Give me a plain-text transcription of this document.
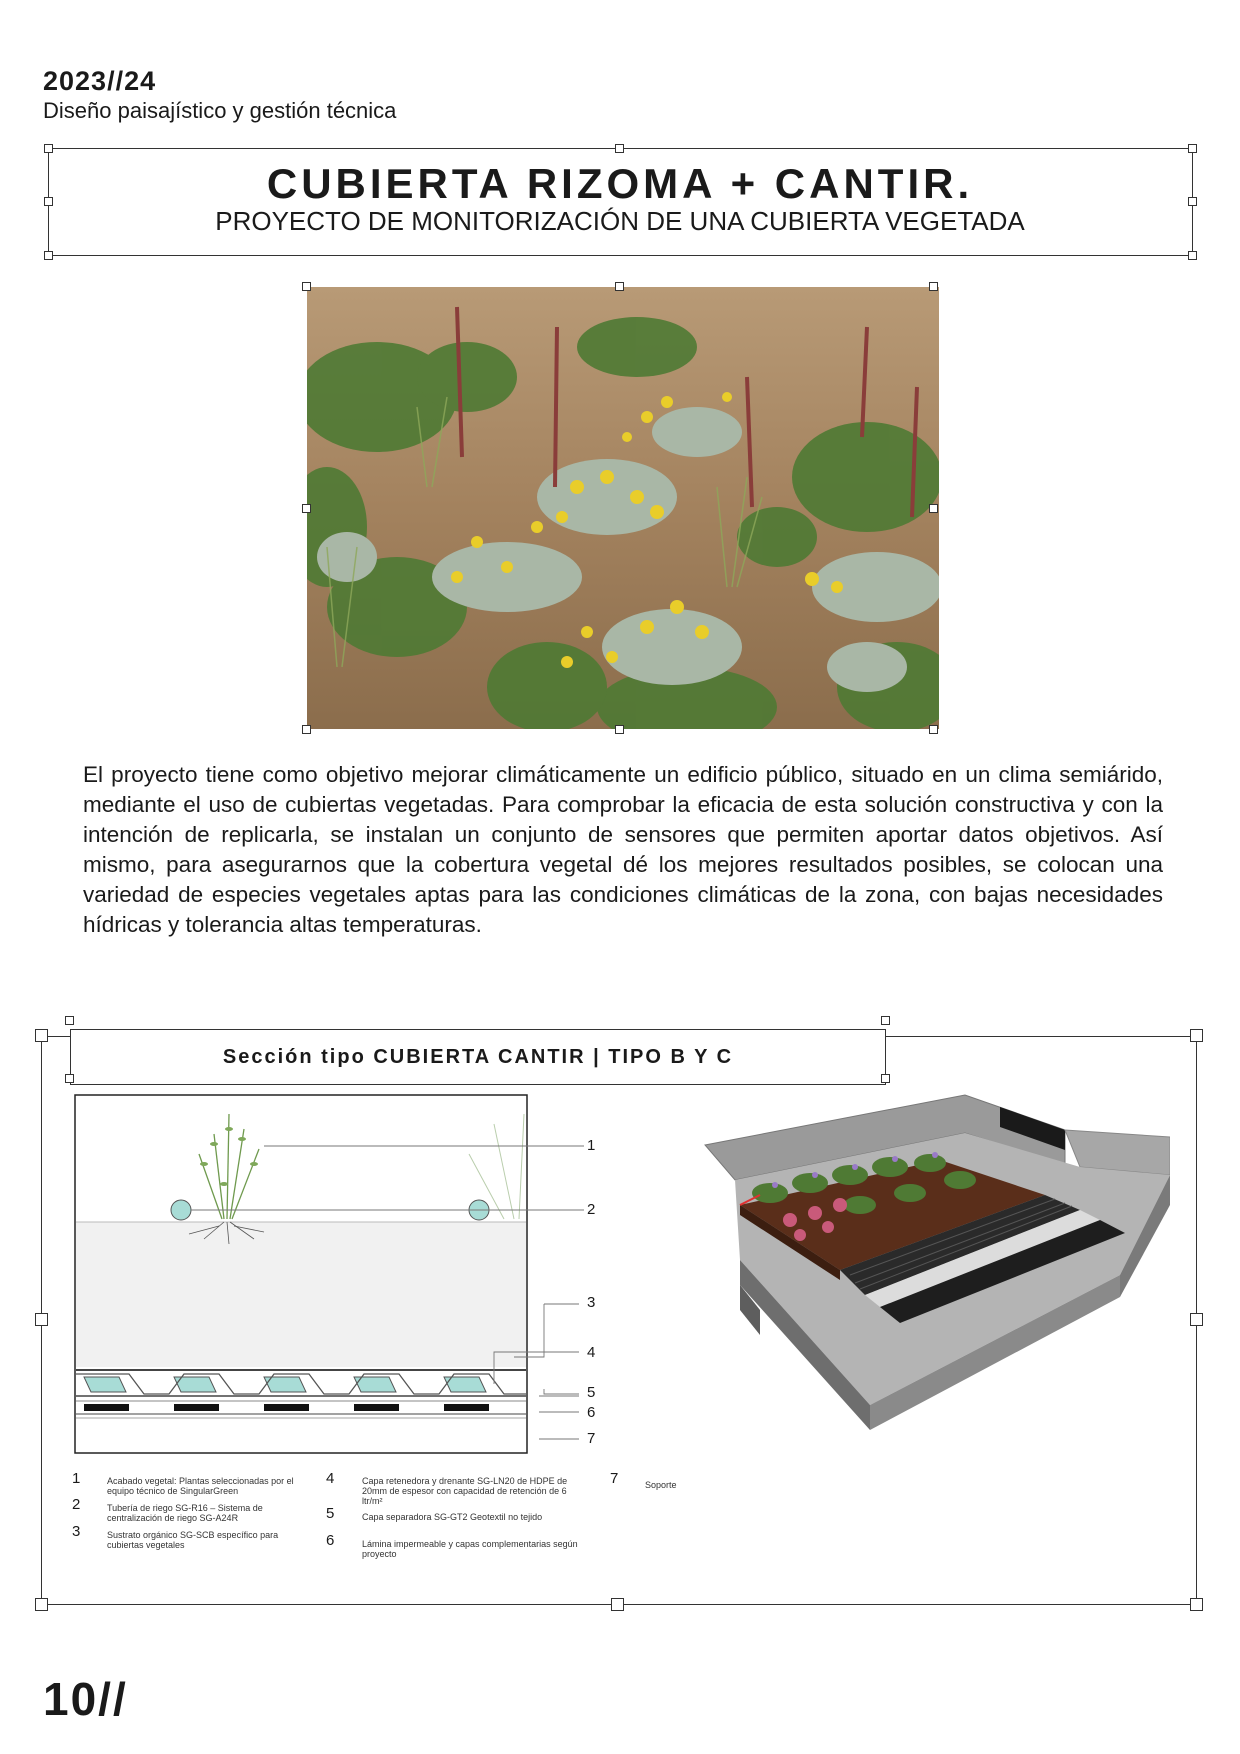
2023//24
Diseño paisajístico y gestión técnica
CUBIERTA RIZOMA + CANTIR.
PROYECTO DE MONITORIZACIÓN DE UNA CUBIERTA VEGETADA
El proyecto tiene como objetivo mejorar climáticamente un edificio público, situado en un clima semiárido, mediante el uso de cubiertas vegetadas. Para comprobar la eficacia de esta solución constructiva y con la intención de replicarla, se instalan un conjunto de sensores que permiten aportar datos objetivos. Así mismo, para asegurarnos que la cobertura vegetal dé los mejores resultados posibles, se colocan una variedad de especies vegetales aptas para las condiciones climáticas de la zona, con bajas necesidades hídricas y tolerancia altas temperaturas.
Sección tipo CUBIERTA CANTIR | TIPO B Y C
1
2
3
4
5
6
7
1	Acabado vegetal: Plantas seleccionadas por el equipo técnico de SingularGreen
2	Tubería de riego SG-R16 – Sistema de centralización de riego SG-A24R
3	Sustrato orgánico SG-SCB específico para cubiertas vegetales
4	Capa retenedora y drenante SG-LN20 de HDPE de 20mm de espesor con capacidad de retención de 6 ltr/m²
5	Capa separadora SG-GT2 Geotextil no tejido
6	Lámina impermeable y capas complementarias según proyecto
7	Soporte
10//
